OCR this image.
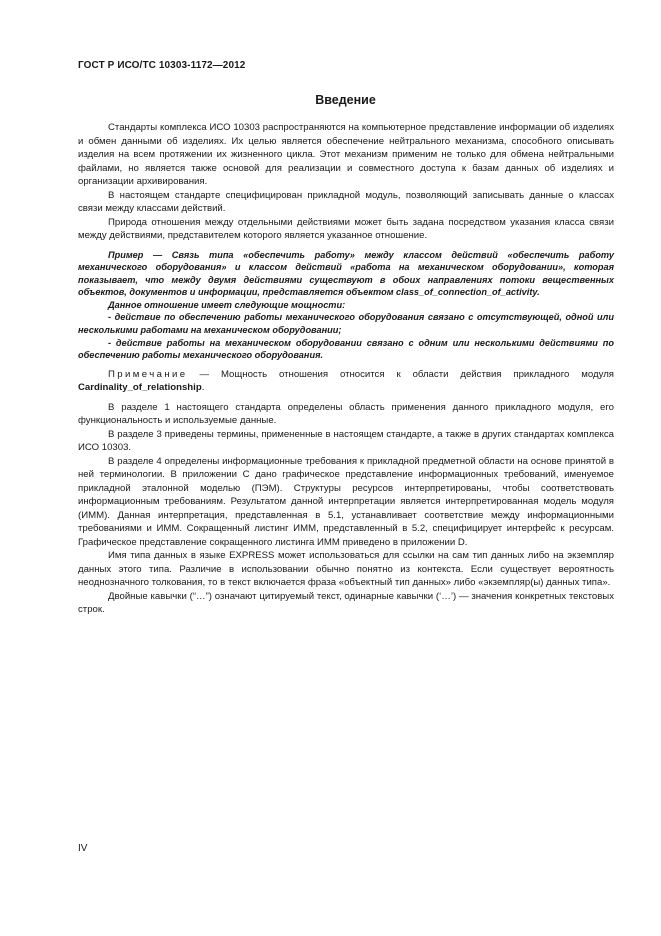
ГОСТ Р ИСО/ТС 10303-1172—2012
Введение

Стандарты комплекса ИСО 10303 распространяются на компьютерное представление информации об изделиях и обмен данными об изделиях. Их целью является обеспечение нейтрального механизма, способного описывать изделия на всем протяжении их жизненного цикла. Этот механизм применим не только для обмена нейтральными файлами, но является также основой для реализации и совместного доступа к базам данных об изделиях и организации архивирования.

В настоящем стандарте специфицирован прикладной модуль, позволяющий записывать данные о классах связи между классами действий.

Природа отношения между отдельными действиями может быть задана посредством указания класса связи между действиями, представителем которого является указанное отношение.

Пример — Связь типа «обеспечить работу» между классом действий «обеспечить работу механического оборудования» и классом действий «работа на механическом оборудовании», которая показывает, что между двумя действиями существуют в обоих направлениях потоки вещественных объектов, документов и информации, представляется объектом class_of_connection_of_activity.

Данное отношение имеет следующие мощности:

- действие по обеспечению работы механического оборудования связано с отсутствующей, одной или несколькими работами на механическом оборудовании;

- действие работы на механическом оборудовании связано с одним или несколькими действиями по обеспечению работы механического оборудования.

Примечание — Мощность отношения относится к области действия прикладного модуля
Cardinality_of_relationship.

В разделе 1 настоящего стандарта определены область применения данного прикладного модуля, его функциональность и используемые данные.

В разделе 3 приведены термины, примененные в настоящем стандарте, а также в других стандартах комплекса ИСО 10303.

В разделе 4 определены информационные требования к прикладной предметной области на основе принятой в ней терминологии. В приложении С дано графическое представление информационных требований, именуемое прикладной эталонной моделью (ПЭМ). Структуры ресурсов интерпретированы, чтобы соответствовать информационным требованиям. Результатом данной интерпретации является интерпретированная модель модуля (ИММ). Данная интерпретация, представленная в 5.1, устанавливает соответствие между информационными требованиями и ИММ. Сокращенный листинг ИММ, представленный в 5.2, специфицирует интерфейс к ресурсам. Графическое представление сокращенного листинга ИММ приведено в приложении D.

Имя типа данных в языке EXPRESS может использоваться для ссылки на сам тип данных либо на экземпляр данных этого типа. Различие в использовании обычно понятно из контекста. Если существует вероятность неоднозначного толкования, то в текст включается фраза «объектный тип данных» либо «экземпляр(ы) данных типа».

Двойные кавычки (“…”) означают цитируемый текст, одинарные кавычки (‘…’) — значения конкретных текстовых строк.

IV
